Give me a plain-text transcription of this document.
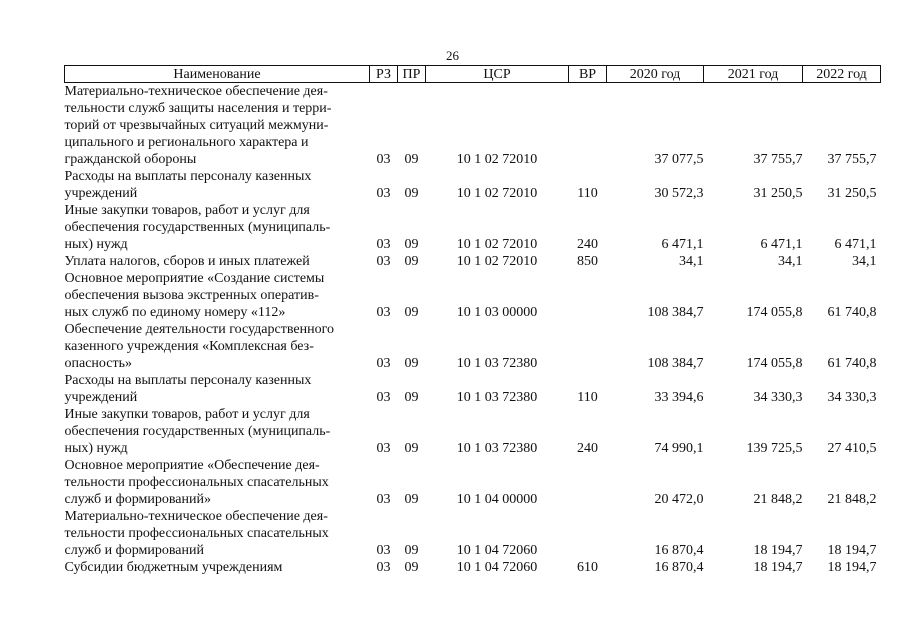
26
Наименование	РЗ	ПР	ЦСР	ВР	2020 год	2021 год	2022 год

Материально-техническое обеспечение дея-
тельности служб защиты населения и терри-
торий от чрезвычайных ситуаций межмуни-
ципального и регионального характера и
гражданской обороны	03	09	10 1 02 72010		37 077,5	37 755,7	37 755,7

Расходы на выплаты персоналу казенных
учреждений	03	09	10 1 02 72010	110	30 572,3	31 250,5	31 250,5

Иные закупки товаров, работ и услуг для
обеспечения государственных (муниципаль-
ных) нужд	03	09	10 1 02 72010	240	6 471,1	6 471,1	6 471,1

Уплата налогов, сборов и иных платежей	03	09	10 1 02 72010	850	34,1	34,1	34,1

Основное мероприятие «Создание системы
обеспечения вызова экстренных оператив-
ных служб по единому номеру «112»	03	09	10 1 03 00000		108 384,7	174 055,8	61 740,8

Обеспечение деятельности государственного
казенного учреждения «Комплексная без-
опасность»	03	09	10 1 03 72380		108 384,7	174 055,8	61 740,8

Расходы на выплаты персоналу казенных
учреждений	03	09	10 1 03 72380	110	33 394,6	34 330,3	34 330,3

Иные закупки товаров, работ и услуг для
обеспечения государственных (муниципаль-
ных) нужд	03	09	10 1 03 72380	240	74 990,1	139 725,5	27 410,5

Основное мероприятие «Обеспечение дея-
тельности профессиональных спасательных
служб и формирований»	03	09	10 1 04 00000		20 472,0	21 848,2	21 848,2

Материально-техническое обеспечение дея-
тельности профессиональных спасательных
служб и формирований	03	09	10 1 04 72060		16 870,4	18 194,7	18 194,7

Субсидии бюджетным учреждениям	03	09	10 1 04 72060	610	16 870,4	18 194,7	18 194,7
